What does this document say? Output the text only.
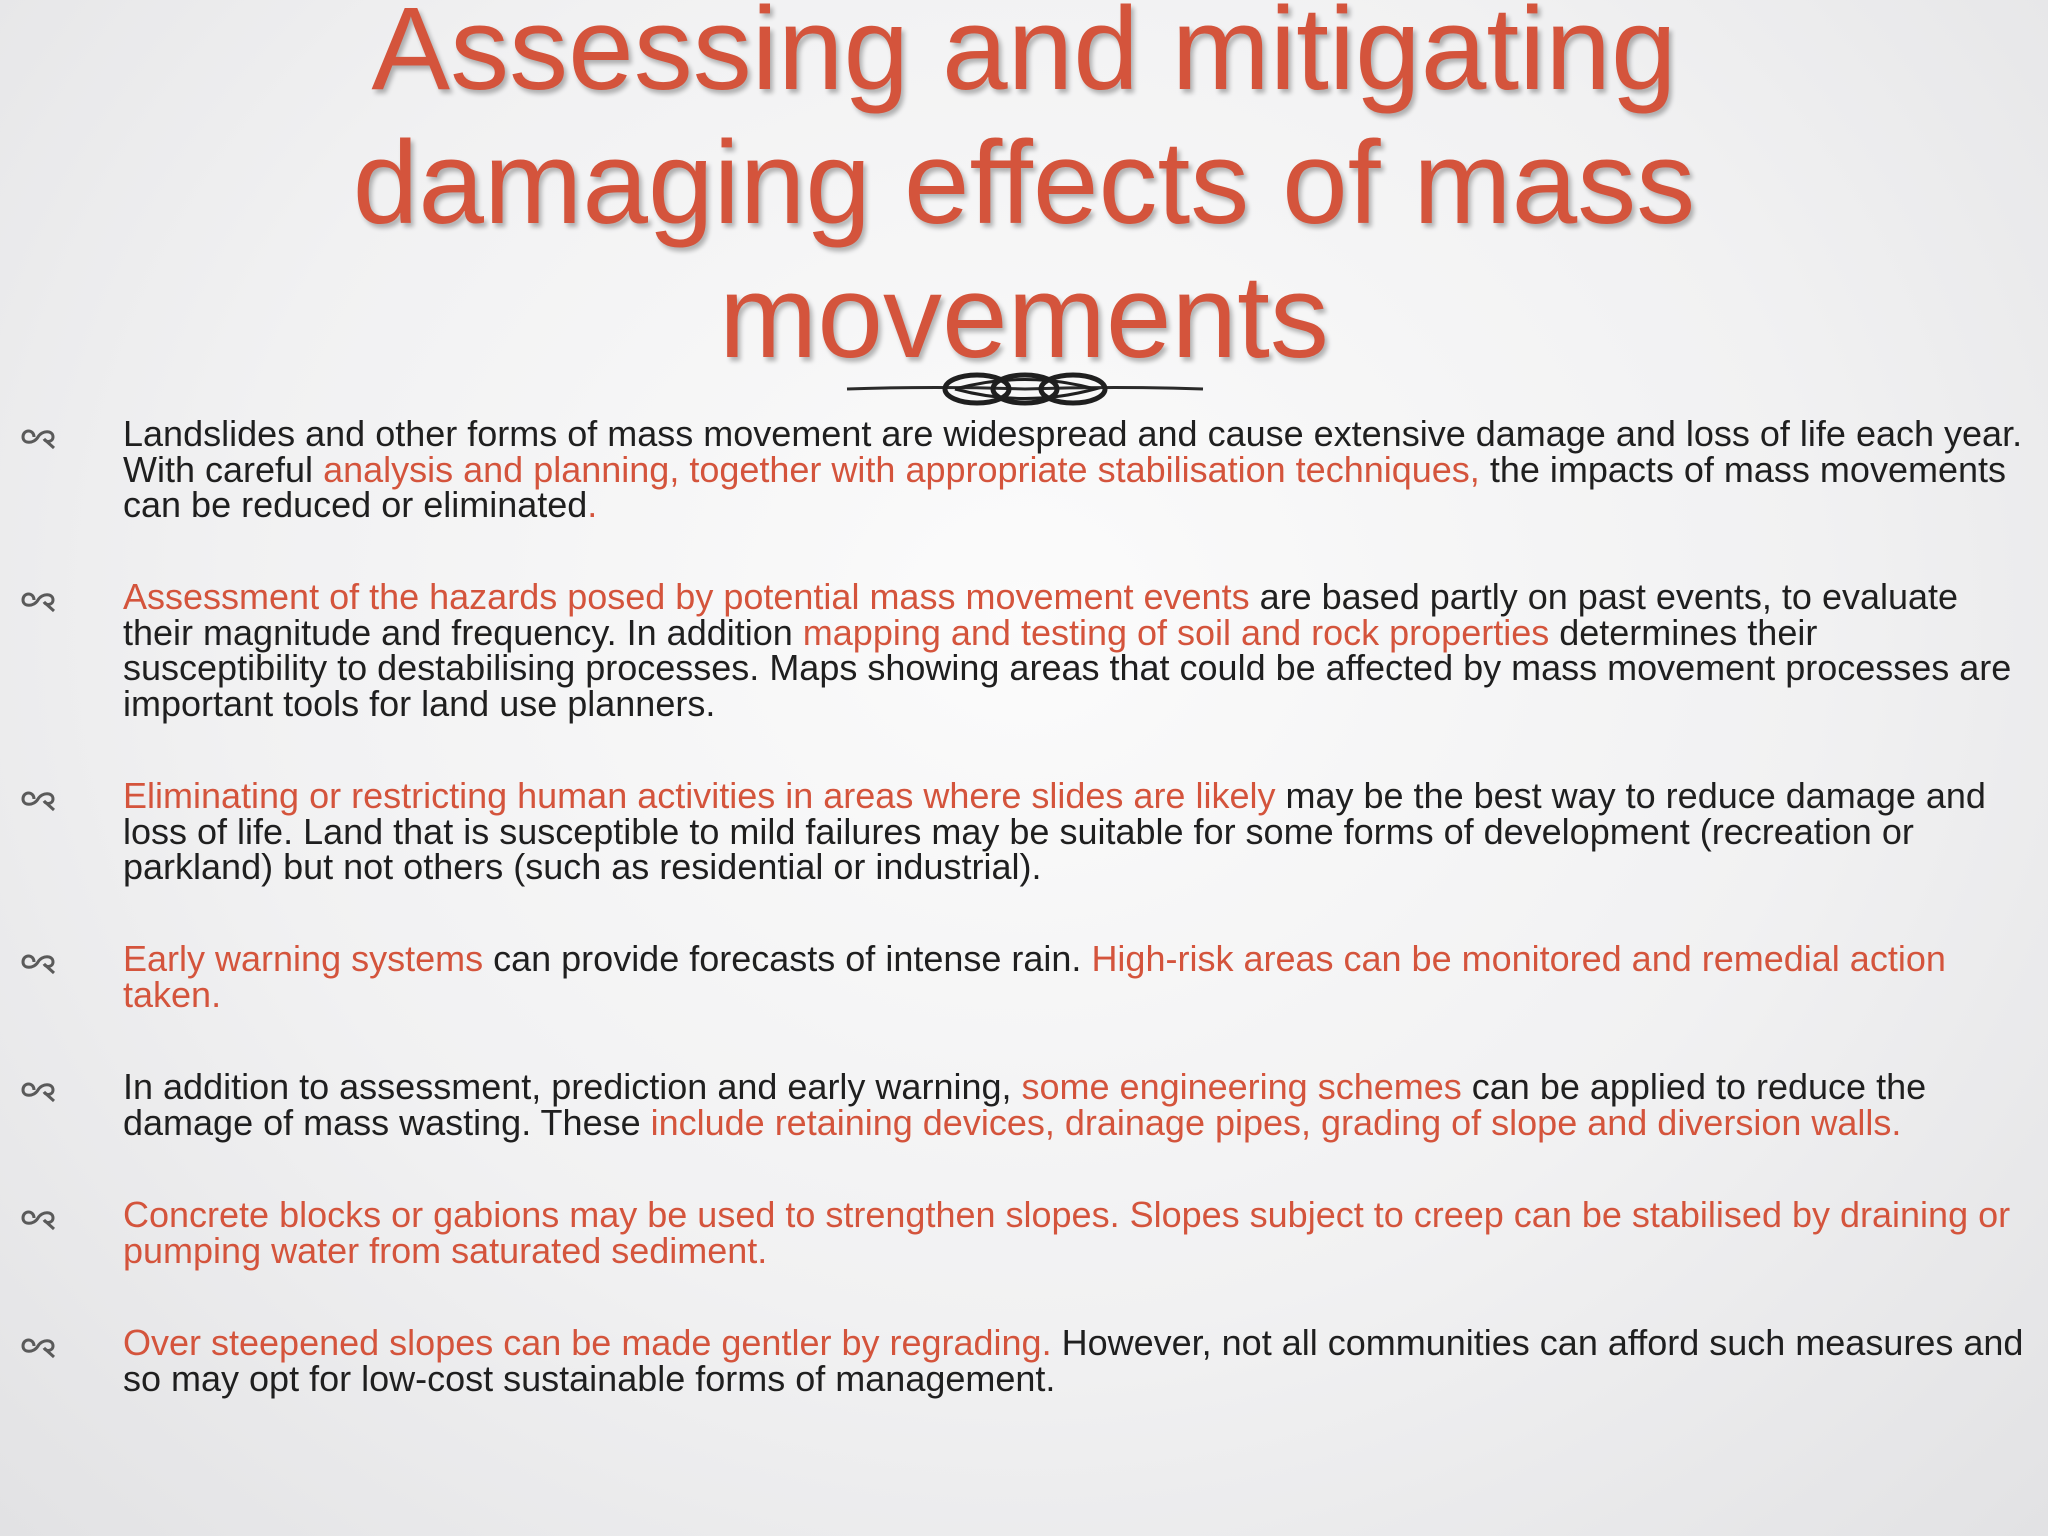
Assessing and mitigating damaging effects of mass movements

Landslides and other forms of mass movement are widespread and cause extensive damage and loss of life each year. With careful analysis and planning, together with appropriate stabilisation techniques, the impacts of mass movements can be reduced or eliminated.

Assessment of the hazards posed by potential mass movement events are based partly on past events, to evaluate their magnitude and frequency. In addition mapping and testing of soil and rock properties determines their susceptibility to destabilising processes. Maps showing areas that could be affected by mass movement processes are important tools for land use planners.

Eliminating or restricting human activities in areas where slides are likely may be the best way to reduce damage and loss of life. Land that is susceptible to mild failures may be suitable for some forms of development (recreation or parkland) but not others (such as residential or industrial).

Early warning systems can provide forecasts of intense rain. High-risk areas can be monitored and remedial action taken.

In addition to assessment, prediction and early warning, some engineering schemes can be applied to reduce the damage of mass wasting. These include retaining devices, drainage pipes, grading of slope and diversion walls.

Concrete blocks or gabions may be used to strengthen slopes. Slopes subject to creep can be stabilised by draining or pumping water from saturated sediment.

Over steepened slopes can be made gentler by regrading. However, not all communities can afford such measures and so may opt for low-cost sustainable forms of management.
